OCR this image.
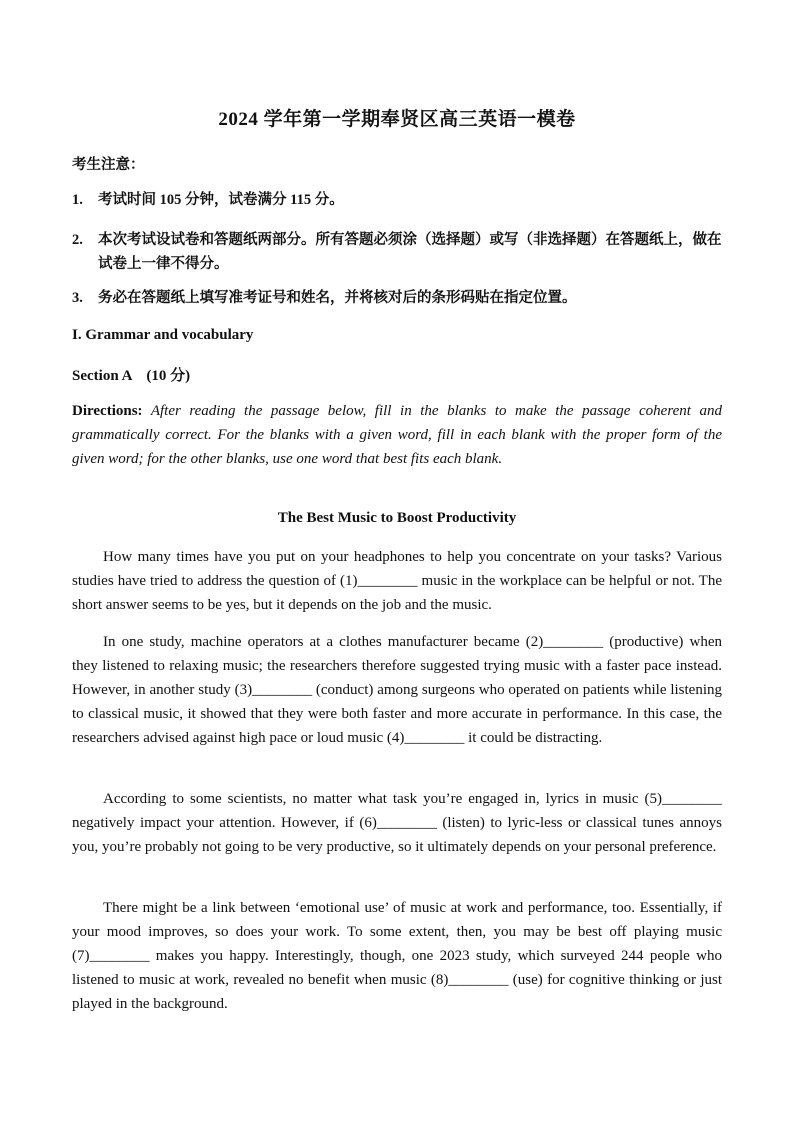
2024 学年第一学期奉贤区高三英语一模卷
考生注意：
1. 考试时间 105 分钟，试卷满分 115 分。
2. 本次考试设试卷和答题纸两部分。所有答题必须涂（选择题）或写（非选择题）在答题纸上，做在试卷上一律不得分。
3. 务必在答题纸上填写准考证号和姓名，并将核对后的条形码贴在指定位置。
I. Grammar and vocabulary
Section A (10 分)
Directions: After reading the passage below, fill in the blanks to make the passage coherent and grammatically correct. For the blanks with a given word, fill in each blank with the proper form of the given word; for the other blanks, use one word that best fits each blank.
The Best Music to Boost Productivity

How many times have you put on your headphones to help you concentrate on your tasks? Various studies have tried to address the question of (1)________ music in the workplace can be helpful or not. The short answer seems to be yes, but it depends on the job and the music.

In one study, machine operators at a clothes manufacturer became (2)________ (productive) when they listened to relaxing music; the researchers therefore suggested trying music with a faster pace instead. However, in another study (3)________ (conduct) among surgeons who operated on patients while listening to classical music, it showed that they were both faster and more accurate in performance. In this case, the researchers advised against high pace or loud music (4)________ it could be distracting.

According to some scientists, no matter what task you’re engaged in, lyrics in music (5)________ negatively impact your attention. However, if (6)________ (listen) to lyric-less or classical tunes annoys you, you’re probably not going to be very productive, so it ultimately depends on your personal preference.

There might be a link between ‘emotional use’ of music at work and performance, too. Essentially, if your mood improves, so does your work. To some extent, then, you may be best off playing music (7)________ makes you happy. Interestingly, though, one 2023 study, which surveyed 244 people who listened to music at work, revealed no benefit when music (8)________ (use) for cognitive thinking or just played in the background.
